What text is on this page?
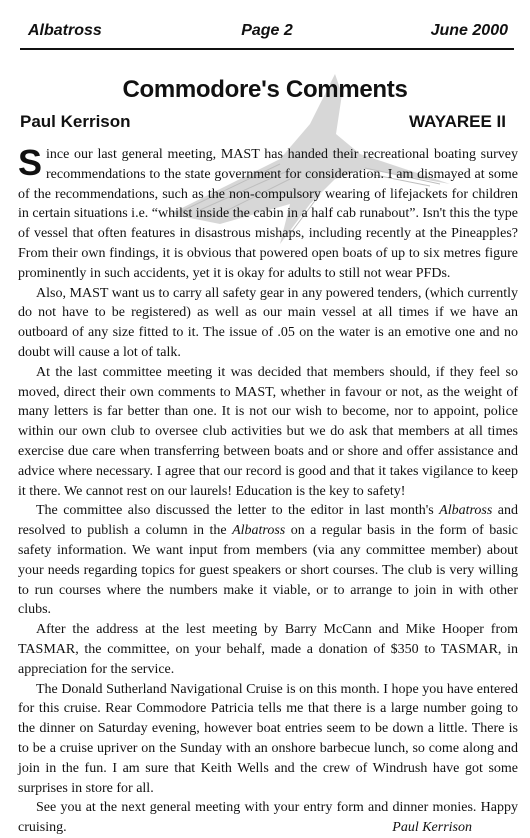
Albatross	Page 2	June 2000
Commodore's Comments
Paul Kerrison	WAYAREE II

Since our last general meeting, MAST has handed their recreational boating survey recommendations to the state government for consideration. I am dismayed at some of the recommendations, such as the non-compulsory wearing of lifejackets for children in certain situations i.e. “whilst inside the cabin in a half cab runabout”. Isn't this the type of vessel that often features in disastrous mishaps, including recently at the Pineapples? From their own findings, it is obvious that powered open boats of up to six metres figure prominently in such accidents, yet it is okay for adults to still not wear PFDs.

Also, MAST want us to carry all safety gear in any powered tenders, (which currently do not have to be registered) as well as our main vessel at all times if we have an outboard of any size fitted to it. The issue of .05 on the water is an emotive one and no doubt will cause a lot of talk.

At the last committee meeting it was decided that members should, if they feel so moved, direct their own comments to MAST, whether in favour or not, as the weight of many letters is far better than one. It is not our wish to become, nor to appoint, police within our own club to oversee club activities but we do ask that members at all times exercise due care when transferring between boats and or shore and offer assistance and advice where necessary. I agree that our record is good and that it takes vigilance to keep it there. We cannot rest on our laurels! Education is the key to safety!

The committee also discussed the letter to the editor in last month's Albatross and resolved to publish a column in the Albatross on a regular basis in the form of basic safety information. We want input from members (via any committee member) about your needs regarding topics for guest speakers or short courses. The club is very willing to run courses where the numbers make it viable, or to arrange to join in with other clubs.

After the address at the lest meeting by Barry McCann and Mike Hooper from TASMAR, the committee, on your behalf, made a donation of $350 to TASMAR, in appreciation for the service.

The Donald Sutherland Navigational Cruise is on this month. I hope you have entered for this cruise. Rear Commodore Patricia tells me that there is a large number going to the dinner on Saturday evening, however boat entries seem to be down a little. There is to be a cruise upriver on the Sunday with an onshore barbecue lunch, so come along and join in the fun. I am sure that Keith Wells and the crew of Windrush have got some surprises in store for all.

See you at the next general meeting with your entry form and dinner monies. Happy cruising.	Paul Kerrison
